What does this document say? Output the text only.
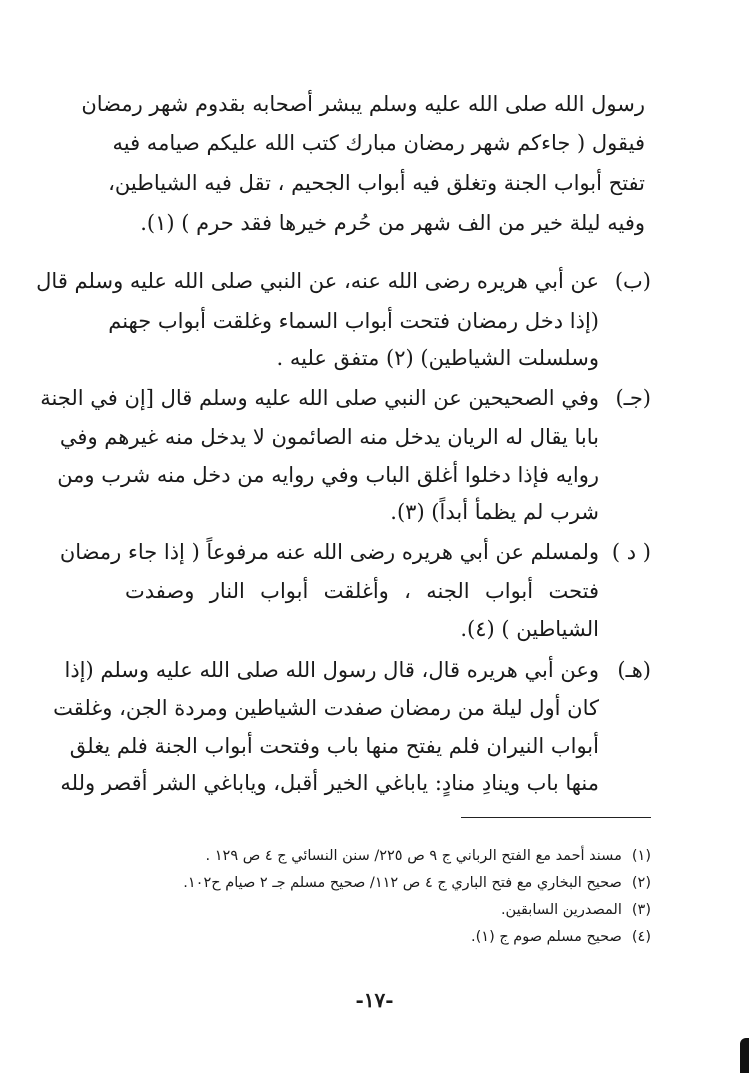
رسول الله صلى الله عليه وسلم يبشر أصحابه بقدوم شهر رمضان
فيقول ( جاءكم شهر رمضان مبارك كتب الله عليكم صيامه فيه
تفتح أبواب الجنة وتغلق فيه أبواب الجحيم ، تقل فيه الشياطين،
وفيه ليلة خير من الف شهر من حُرم خيرها فقد حرم ) (١).
(ب)
عن أبي هريره رضى الله عنه، عن النبي صلى الله عليه وسلم قال
(إذا دخل رمضان فتحت أبواب السماء وغلقت أبواب جهنم
وسلسلت الشياطين) (٢) متفق عليه .
(جـ)
وفي الصحيحين عن النبي صلى الله عليه وسلم قال [إن في الجنة
بابا يقال له الريان يدخل منه الصائمون لا يدخل منه غيرهم وفي
روايه فإذا دخلوا أغلق الباب وفي روايه من دخل منه شرب ومن
شرب لم يظمأ أبداً) (٣).
( د )
ولمسلم عن أبي هريره رضى الله عنه مرفوعاً ( إذا جاء رمضان
فتحت أبواب الجنه ، وأغلقت أبواب النار وصفدت
الشياطين ) (٤).
(هـ)
وعن أبي هريره قال، قال رسول الله صلى الله عليه وسلم (إذا
كان أول ليلة من رمضان صفدت الشياطين ومردة الجن، وغلقت
أبواب النيران فلم يفتح منها باب وفتحت أبواب الجنة فلم يغلق
منها باب وينادِ منادٍ: ياباغي الخير أقبل، وياباغي الشر أقصر ولله
(١)مسند أحمد مع الفتح الرباني ج ٩ ص ٢٢٥/ سنن النسائي ج ٤ ص ١٢٩ .
(٢)صحيح البخاري مع فتح الباري ج ٤ ص ١١٢/ صحيح مسلم جـ ٢ صيام ح١٠٢.
(٣)المصدرين السابقين.
(٤)صحيح مسلم صوم ج (١).
-١٧-
